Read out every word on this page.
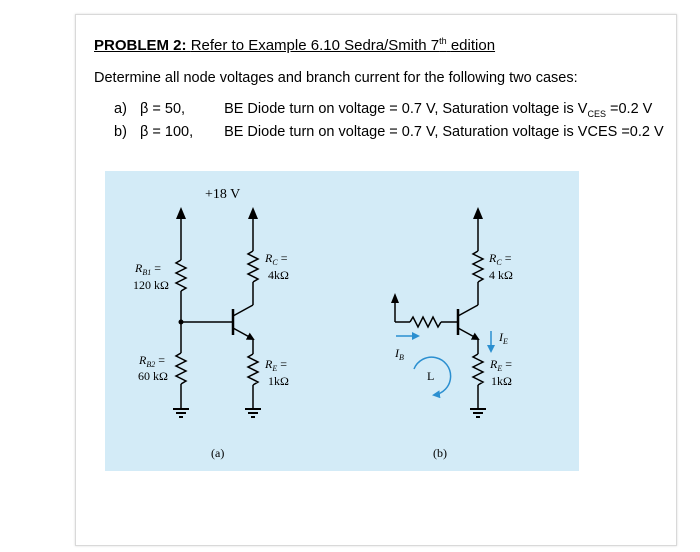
PROBLEM 2: Refer to Example 6.10 Sedra/Smith 7th edition
Determine all node voltages and branch current for the following two cases:
a) β = 50,	BE Diode turn on voltage = 0.7 V, Saturation voltage is $V_{CES} =0.2$ V
b) β = 100, BE Diode turn on voltage = 0.7 V, Saturation voltage is VCES =0.2 V
+18 V
$R_{B1}$ =
120 kΩ
$R_{B2}$ =
60 kΩ
$R_C$ =
4kΩ
$R_E$ =
1kΩ
(a)
$R_C$ =
4 kΩ
$R_E$ =
1kΩ
$I_B$
$I_E$
L
(b)
